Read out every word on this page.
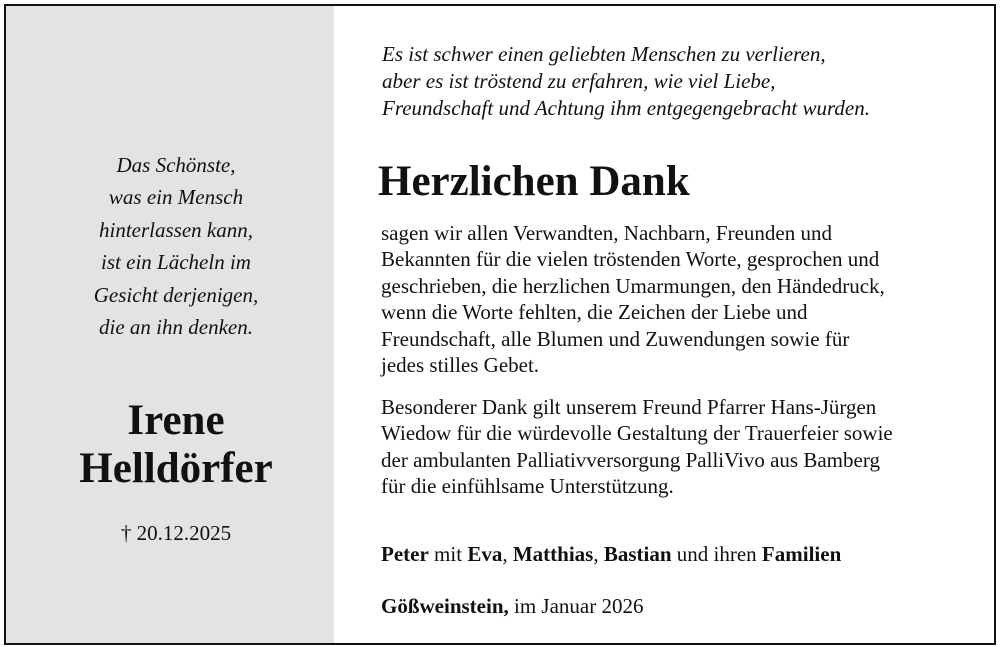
Das Schönste,
was ein Mensch
hinterlassen kann,
ist ein Lächeln im
Gesicht derjenigen,
die an ihn denken.
Irene
Helldörfer
† 20.12.2025
Es ist schwer einen geliebten Menschen zu verlieren,
aber es ist tröstend zu erfahren, wie viel Liebe,
Freundschaft und Achtung ihm entgegengebracht wurden.
Herzlichen Dank
sagen wir allen Verwandten, Nachbarn, Freunden und
Bekannten für die vielen tröstenden Worte, gesprochen und
geschrieben, die herzlichen Umarmungen, den Händedruck,
wenn die Worte fehlten, die Zeichen der Liebe und
Freundschaft, alle Blumen und Zuwendungen sowie für
jedes stilles Gebet.
Besonderer Dank gilt unserem Freund Pfarrer Hans-Jürgen
Wiedow für die würdevolle Gestaltung der Trauerfeier sowie
der ambulanten Palliativversorgung PalliVivo aus Bamberg
für die einfühlsame Unterstützung.
Peter mit Eva, Matthias, Bastian und ihren Familien
Gößweinstein, im Januar 2026
